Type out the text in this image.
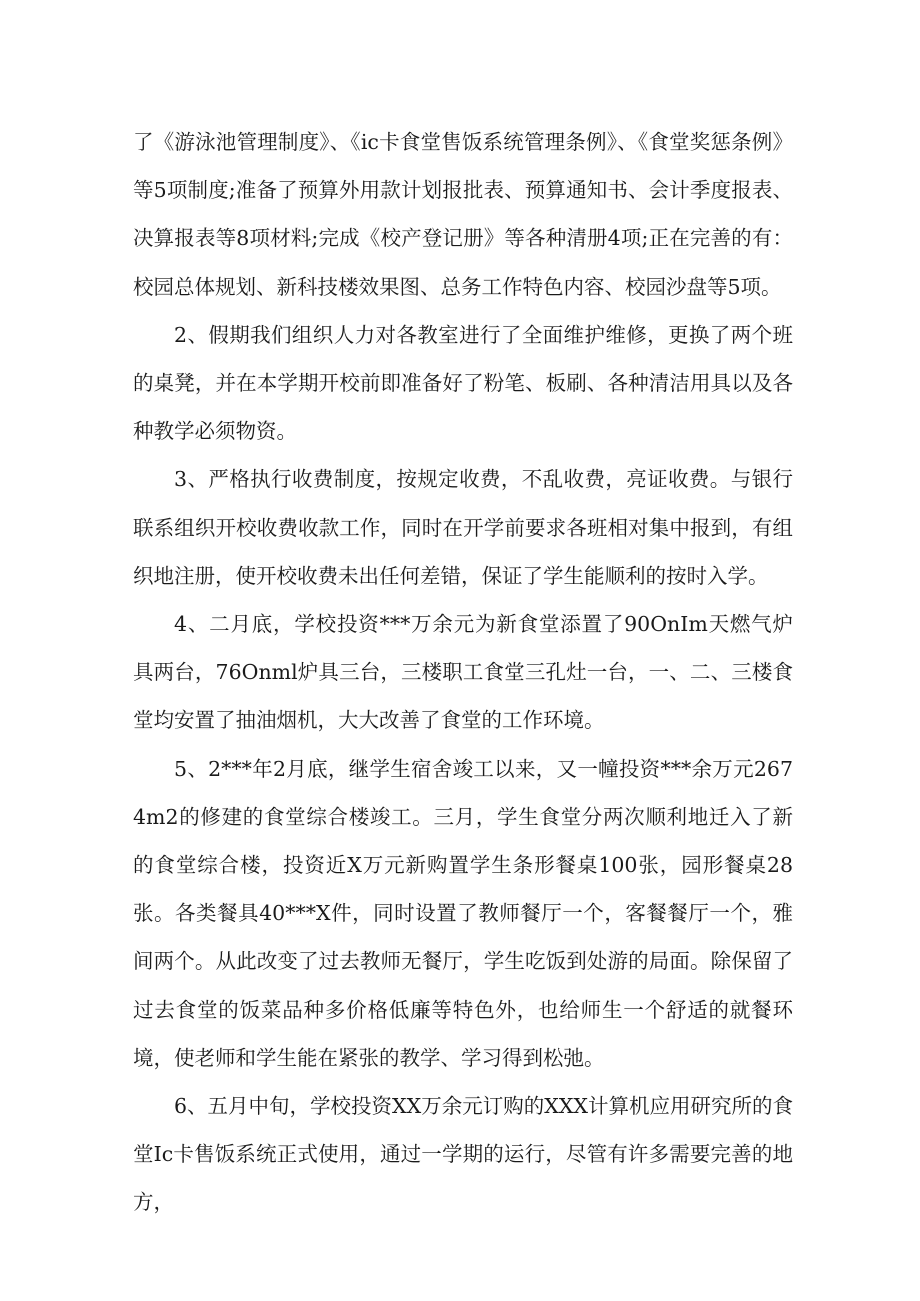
了《游泳池管理制度》、《ic卡食堂售饭系统管理条例》、《食堂奖惩条例》等5项制度;准备了预算外用款计划报批表、预算通知书、会计季度报表、决算报表等8项材料;完成《校产登记册》等各种清册4项;正在完善的有：校园总体规划、新科技楼效果图、总务工作特色内容、校园沙盘等5项。

2、假期我们组织人力对各教室进行了全面维护维修，更换了两个班的桌凳，并在本学期开校前即准备好了粉笔、板刷、各种清洁用具以及各种教学必须物资。

3、严格执行收费制度，按规定收费，不乱收费，亮证收费。与银行联系组织开校收费收款工作，同时在开学前要求各班相对集中报到，有组织地注册，使开校收费未出任何差错，保证了学生能顺利的按时入学。

4、二月底，学校投资***万余元为新食堂添置了90OnIm天燃气炉具两台，76Onml炉具三台，三楼职工食堂三孔灶一台，一、二、三楼食堂均安置了抽油烟机，大大改善了食堂的工作环境。

5、2***年2月底，继学生宿舍竣工以来，又一幢投资***余万元2674m2的修建的食堂综合楼竣工。三月，学生食堂分两次顺利地迁入了新的食堂综合楼，投资近X万元新购置学生条形餐桌100张，园形餐桌28张。各类餐具40***X件，同时设置了教师餐厅一个，客餐餐厅一个，雅间两个。从此改变了过去教师无餐厅，学生吃饭到处游的局面。除保留了过去食堂的饭菜品种多价格低廉等特色外，也给师生一个舒适的就餐环境，使老师和学生能在紧张的教学、学习得到松弛。

6、五月中旬，学校投资XX万余元订购的XXX计算机应用研究所的食堂Ic卡售饭系统正式使用，通过一学期的运行，尽管有许多需要完善的地方，
